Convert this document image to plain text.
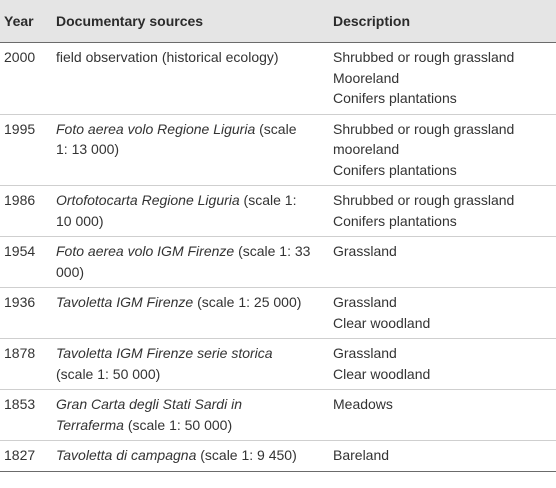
Year	Documentary sources	Description
2000	field observation (historical ecology)	Shrubbed or rough grassland
Mooreland
Conifers plantations

1995	Foto aerea volo Regione Liguria (scale 1: 13 000)	Shrubbed or rough grassland
mooreland
Conifers plantations

1986	Ortofotocarta Regione Liguria (scale 1: 10 000)	Shrubbed or rough grassland
Conifers plantations

1954	Foto aerea volo IGM Firenze (scale 1: 33 000)	Grassland

1936	Tavoletta IGM Firenze (scale 1: 25 000)	Grassland
Clear woodland

1878	Tavoletta IGM Firenze serie storica (scale 1: 50 000)	Grassland
Clear woodland

1853	Gran Carta degli Stati Sardi in Terraferma (scale 1: 50 000)	Meadows

1827	Tavoletta di campagna (scale 1: 9 450)	Bareland
